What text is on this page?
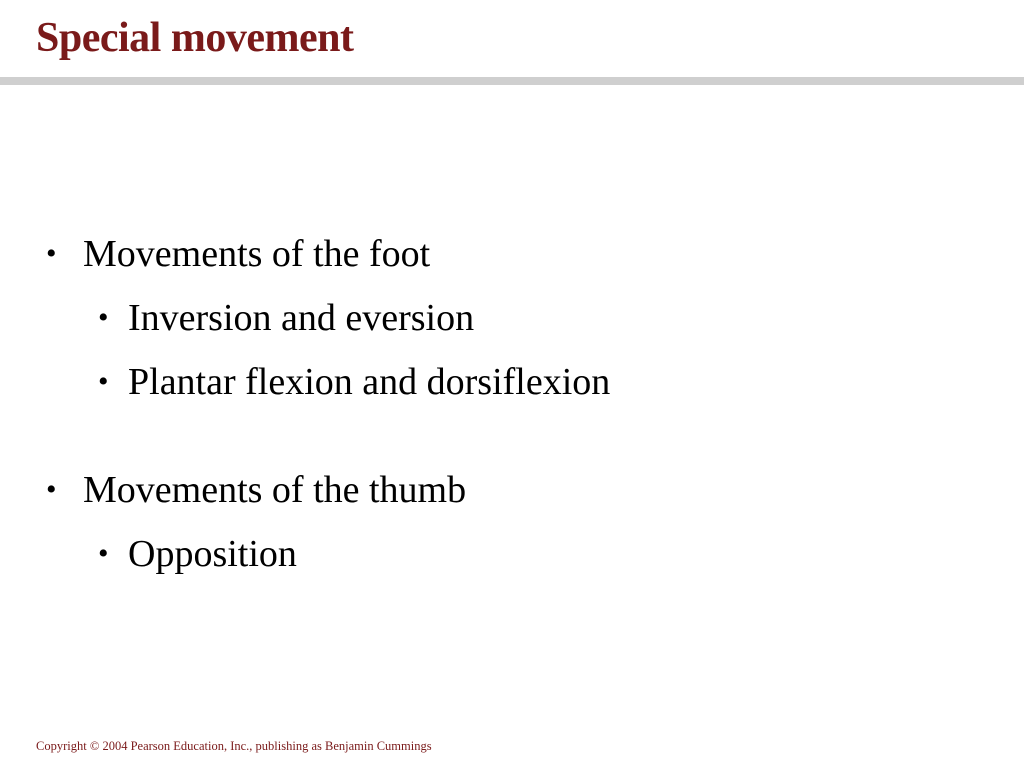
Special movement
• Movements of the foot
• Inversion and eversion
• Plantar flexion and dorsiflexion
• Movements of the thumb
• Opposition
Copyright © 2004 Pearson Education, Inc., publishing as Benjamin Cummings
